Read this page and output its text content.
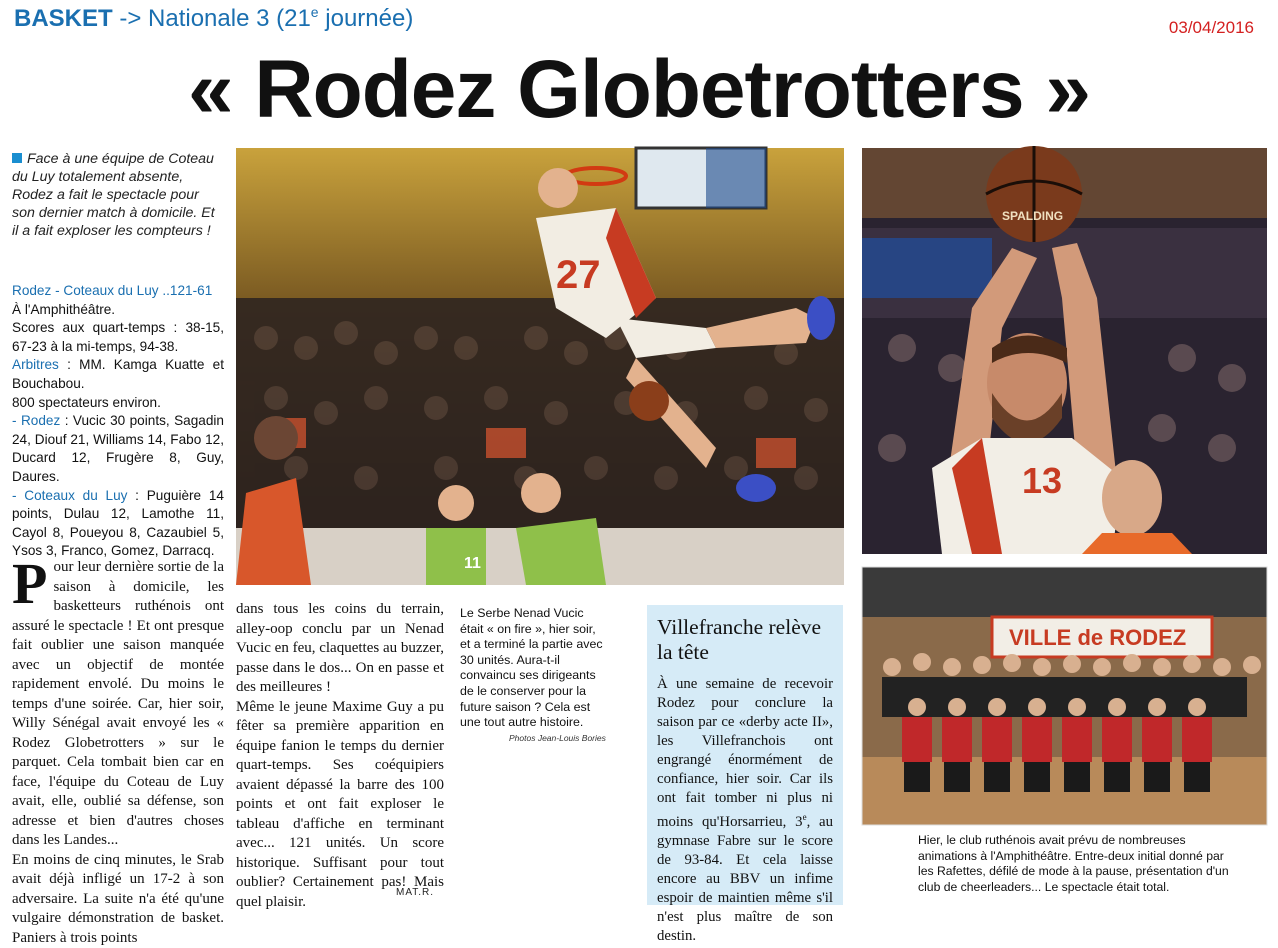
BASKET -> Nationale 3 (21e journée)	03/04/2016
« Rodez Globetrotters »
Face à une équipe de Coteau du Luy totalement absente, Rodez a fait le spectacle pour son dernier match à domicile. Et il a fait exploser les compteurs !
Rodez - Coteaux du Luy ..121-61
À l'Amphithéâtre.
Scores aux quart-temps : 38-15, 67-23 à la mi-temps, 94-38.
Arbitres : MM. Kamga Kuatte et Bouchabou.
800 spectateurs environ.
- Rodez : Vucic 30 points, Sagadin 24, Diouf 21, Williams 14, Fabo 12, Ducard 12, Frugère 8, Guy, Daures.
- Coteaux du Luy : Puguière 14 points, Dulau 12, Lamothe 11, Cayol 8, Poueyou 8, Cazaubiel 5, Ysos 3, Franco, Gomez, Darracq.

Pour leur dernière sortie de la saison à domicile, les basketteurs ruthénois ont assuré le spectacle ! Et ont presque fait oublier une saison manquée avec un objectif de montée rapidement envolé. Du moins le temps d'une soirée. Car, hier soir, Willy Sénégal avait envoyé les « Rodez Globetrotters » sur le parquet. Cela tombait bien car en face, l'équipe du Coteau de Luy avait, elle, oublié sa défense, son adresse et bien d'autres choses dans les Landes...

En moins de cinq minutes, le Srab avait déjà infligé un 17-2 à son adversaire. La suite n'a été qu'une vulgaire démonstration de basket. Paniers à trois points

dans tous les coins du terrain, alley-oop conclu par un Nenad Vucic en feu, claquettes au buzzer, passe dans le dos... On en passe et des meilleures !

Même le jeune Maxime Guy a pu fêter sa première apparition en équipe fanion le temps du dernier quart-temps. Ses coéquipiers avaient dépassé la barre des 100 points et ont fait exploser le tableau d'affiche en terminant avec... 121 unités. Un score historique. Suffisant pour tout oublier? Certainement pas! Mais quel plaisir.

MAT.R.
Le Serbe Nenad Vucic était « on fire », hier soir, et a terminé la partie avec 30 unités. Aura-t-il convaincu ses dirigeants de le conserver pour la future saison ? Cela est une tout autre histoire.
Photos Jean-Louis Bories
Villefranche relève la tête
À une semaine de recevoir Rodez pour conclure la saison par ce «derby acte II», les Villefranchois ont engrangé énormément de confiance, hier soir. Car ils ont fait tomber ni plus ni moins qu'Horsarrieu, 3e, au gymnase Fabre sur le score de 93-84. Et cela laisse encore au BBV un infime espoir de maintien même s'il n'est plus maître de son destin.
27
11
SPALDING
13
VILLE de RODEZ
Hier, le club ruthénois avait prévu de nombreuses animations à l'Amphithéâtre. Entre-deux initial donné par les Rafettes, défilé de mode à la pause, présentation d'un club de cheerleaders... Le spectacle était total.
